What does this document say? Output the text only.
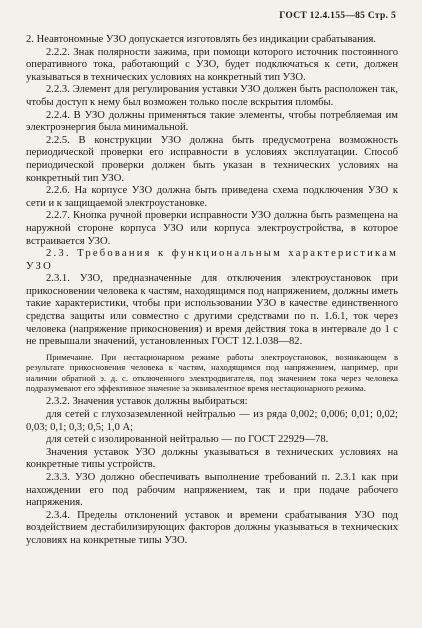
ГОСТ 12.4.155—85 Стр. 5

2. Неавтономные УЗО допускается изготовлять без индикации срабатывания.

2.2.2. Знак полярности зажима, при помощи которого источник постоянного оперативного тока, работающий с УЗО, будет подключаться к сети, должен указываться в технических условиях на конкретный тип УЗО.

2.2.3. Элемент для регулирования уставки УЗО должен быть расположен так, чтобы доступ к нему был возможен только после вскрытия пломбы.

2.2.4. В УЗО должны применяться такие элементы, чтобы потребляемая им электроэнергия была минимальной.

2.2.5. В конструкции УЗО должна быть предусмотрена возможность периодической проверки его исправности в условиях эксплуатации. Способ периодической проверки должен быть указан в технических условиях на конкретный тип УЗО.

2.2.6. На корпусе УЗО должна быть приведена схема подключения УЗО к сети и к защищаемой электроустановке.

2.2.7. Кнопка ручной проверки исправности УЗО должна быть размещена на наружной стороне корпуса УЗО или корпуса электроустройства, в которое встраивается УЗО.

2.3. Требования к функциональным характеристикам УЗО

2.3.1. УЗО, предназначенные для отключения электроустановок при прикосновении человека к частям, находящимся под напряжением, должны иметь такие характеристики, чтобы при использовании УЗО в качестве единственного средства защиты или совместно с другими средствами по п. 1.6.1, ток через человека (напряжение прикосновения) и время действия тока в интервале до 1 с не превышали значений, установленных ГОСТ 12.1.038—82.

Примечание. При нестационарном режиме работы электроустановок, возникающем в результате прикосновения человека к частям, находящимся под напряжением, например, при наличии обратной э. д. с. отключенного электродвигателя, под значением тока через человека подразумевают его эффективное значение за эквивалентное время нестационарного режима.

2.3.2. Значения уставок должны выбираться:

для сетей с глухозаземленной нейтралью — из ряда 0,002; 0,006; 0,01; 0,02; 0,03; 0,1; 0,3; 0,5; 1,0 А;

для сетей с изолированной нейтралью — по ГОСТ 22929—78.

Значения уставок УЗО должны указываться в технических условиях на конкретные типы устройств.

2.3.3. УЗО должно обеспечивать выполнение требований п. 2.3.1 как при нахождении его под рабочим напряжением, так и при подаче рабочего напряжения.

2.3.4. Пределы отклонений уставок и времени срабатывания УЗО под воздействием дестабилизирующих факторов должны указываться в технических условиях на конкретные типы УЗО.
